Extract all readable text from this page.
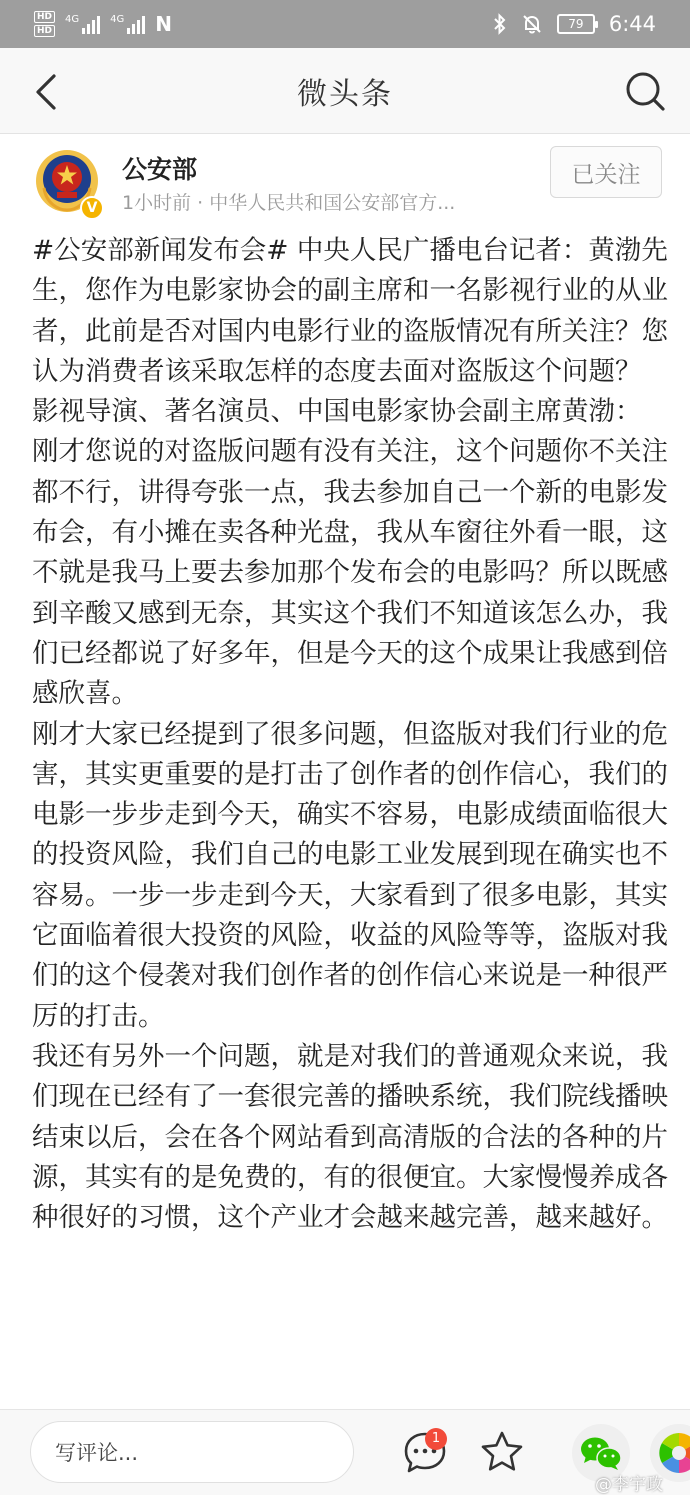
HD
HD
4G	4G N	79	6:44
微头条
V
公安部
1小时前 · 中华人民共和国公安部官方...
已关注

#公安部新闻发布会# 中央人民广播电台记者：黄渤先生，您作为电影家协会的副主席和一名影视行业的从业者，此前是否对国内电影行业的盗版情况有所关注？您认为消费者该采取怎样的态度去面对盗版这个问题？

影视导演、著名演员、中国电影家协会副主席黄渤：

刚才您说的对盗版问题有没有关注，这个问题你不关注都不行，讲得夸张一点，我去参加自己一个新的电影发布会，有小摊在卖各种光盘，我从车窗往外看一眼，这不就是我马上要去参加那个发布会的电影吗？所以既感到辛酸又感到无奈，其实这个我们不知道该怎么办，我们已经都说了好多年，但是今天的这个成果让我感到倍感欣喜。

刚才大家已经提到了很多问题，但盗版对我们行业的危害，其实更重要的是打击了创作者的创作信心，我们的电影一步步走到今天，确实不容易，电影成绩面临很大的投资风险，我们自己的电影工业发展到现在确实也不容易。一步一步走到今天，大家看到了很多电影，其实它面临着很大投资的风险，收益的风险等等，盗版对我们的这个侵袭对我们创作者的创作信心来说是一种很严厉的打击。

我还有另外一个问题，就是对我们的普通观众来说，我们现在已经有了一套很完善的播映系统，我们院线播映结束以后，会在各个网站看到高清版的合法的各种的片源，其实有的是免费的，有的很便宜。大家慢慢养成各种很好的习惯，这个产业才会越来越完善，越来越好。

写评论...
1
@李宇政
